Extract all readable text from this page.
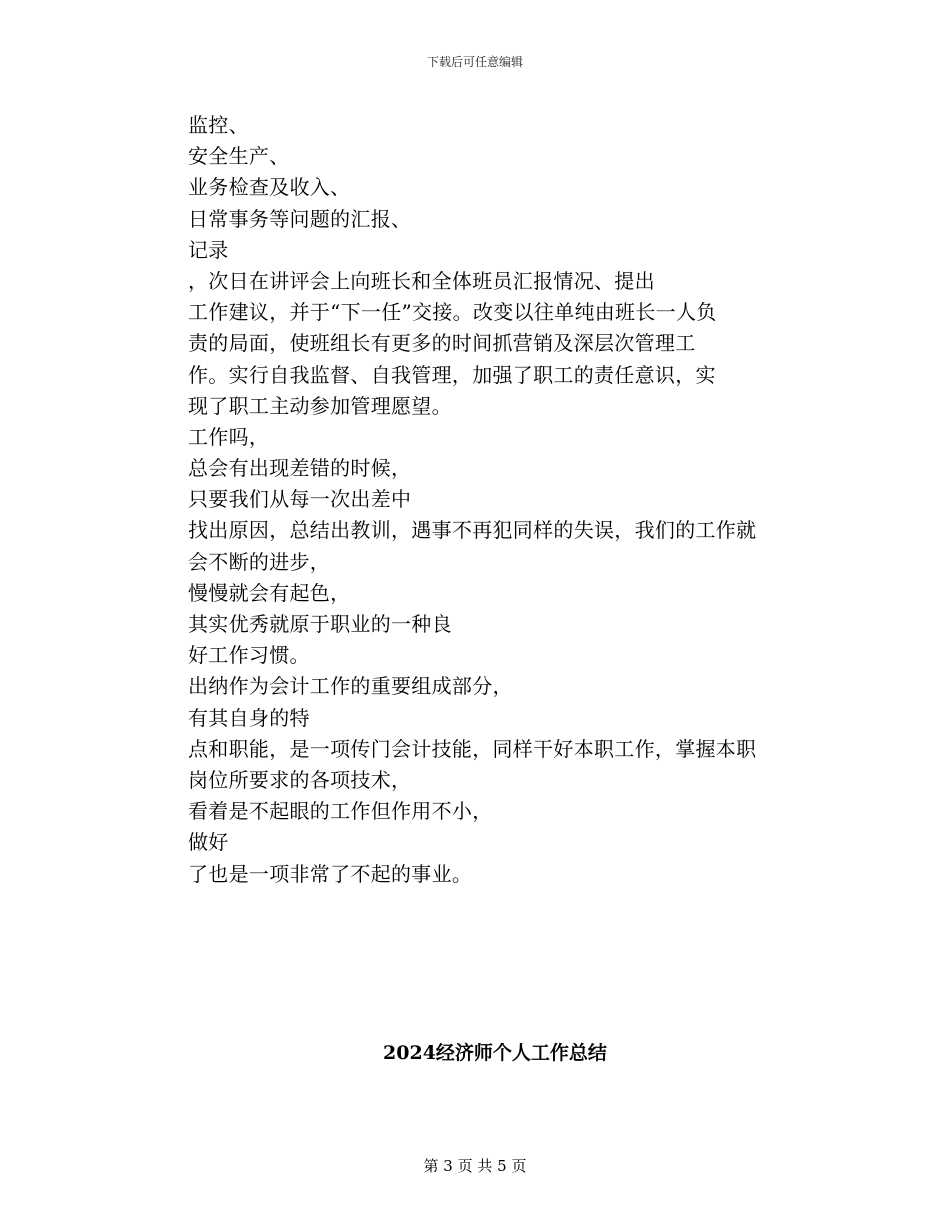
下载后可任意编辑
监控、
安全生产、
业务检查及收入、
日常事务等问题的汇报、
记录
，次日在讲评会上向班长和全体班员汇报情况、提出
工作建议，并于“下一任”交接。改变以往单纯由班长一人负
责的局面，使班组长有更多的时间抓营销及深层次管理工
作。实行自我监督、自我管理，加强了职工的责任意识，实
现了职工主动参加管理愿望。
工作吗，
总会有出现差错的时候，
只要我们从每一次出差中
找出原因，总结出教训，遇事不再犯同样的失误，我们的工作就
会不断的进步，
慢慢就会有起色，
其实优秀就原于职业的一种良
好工作习惯。
出纳作为会计工作的重要组成部分，
有其自身的特
点和职能，是一项传门会计技能，同样干好本职工作，掌握本职
岗位所要求的各项技术，
看着是不起眼的工作但作用不小，
做好
了也是一项非常了不起的事业。
2024经济师个人工作总结
第 3 页 共 5 页
